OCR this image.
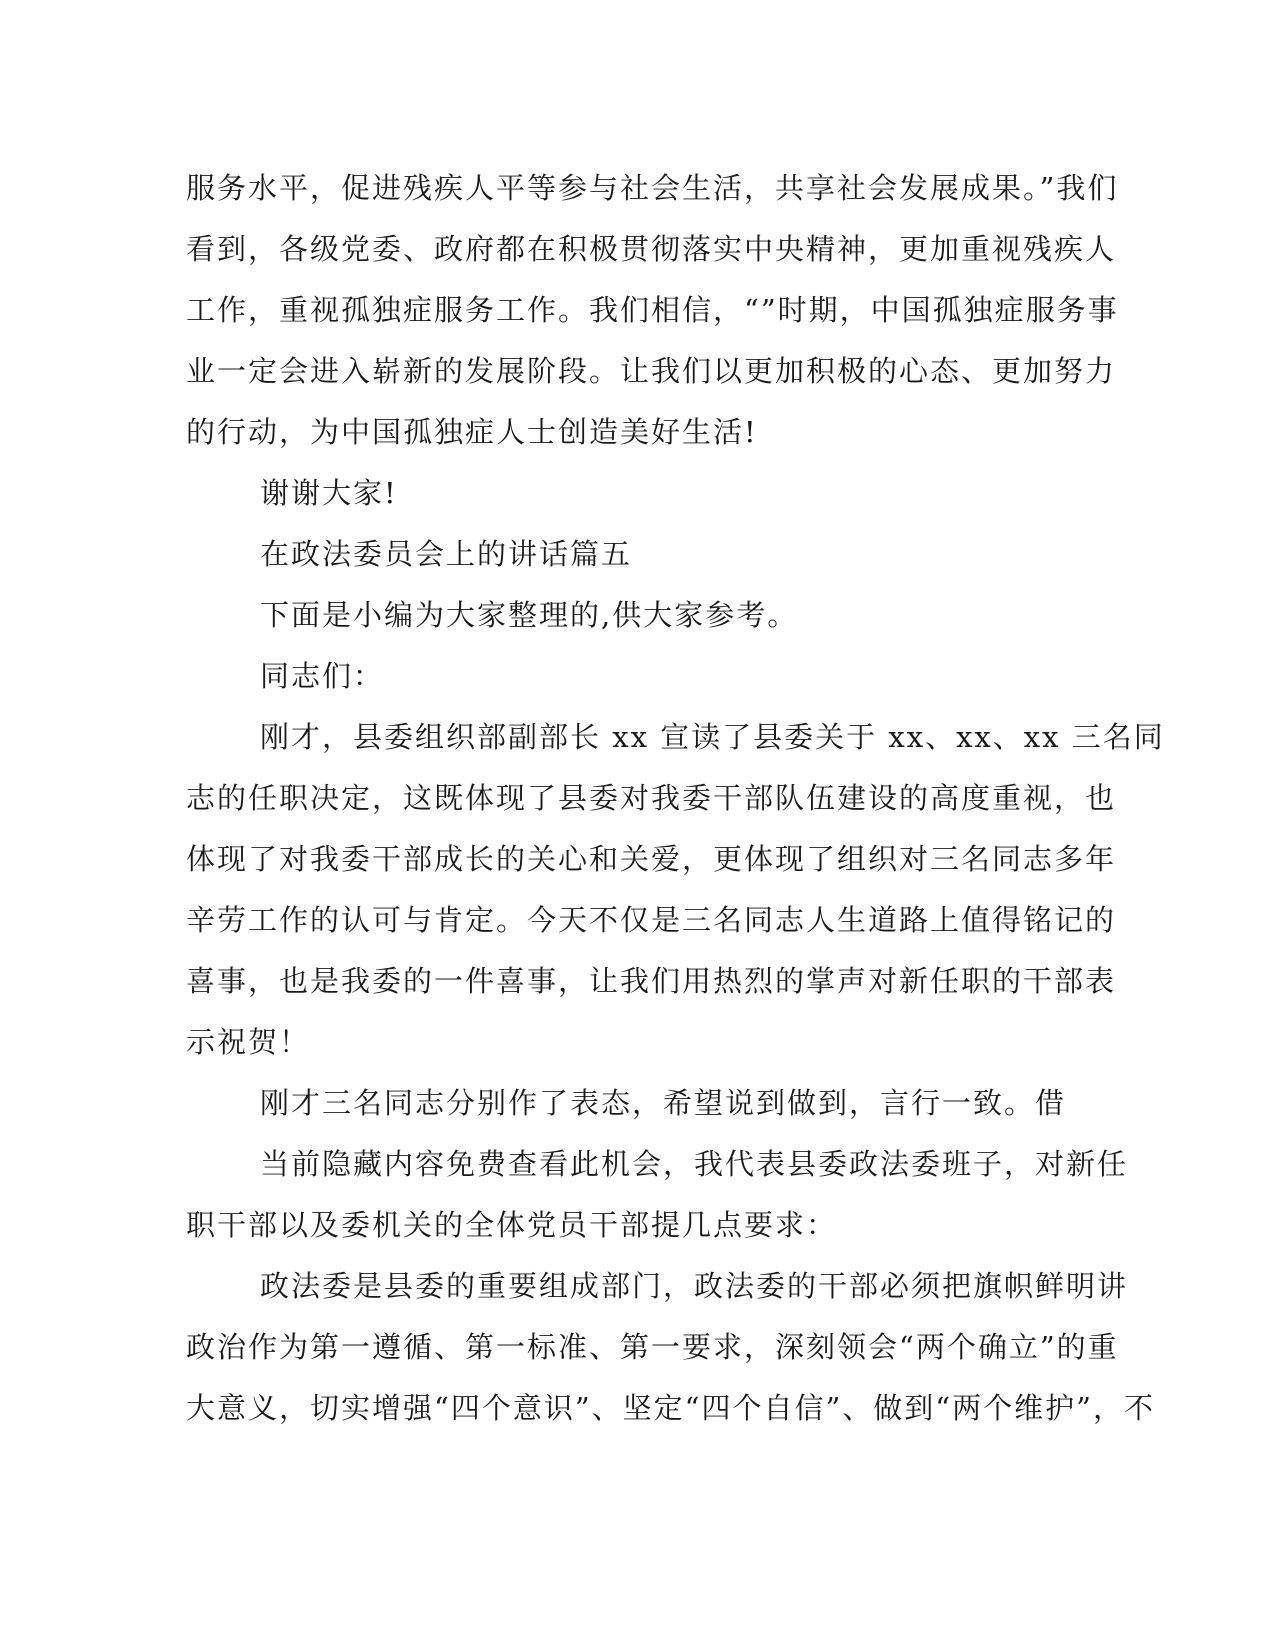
服务水平，促进残疾人平等参与社会生活，共享社会发展成果。”我们
看到，各级党委、政府都在积极贯彻落实中央精神，更加重视残疾人
工作，重视孤独症服务工作。我们相信，“”时期，中国孤独症服务事
业一定会进入崭新的发展阶段。让我们以更加积极的心态、更加努力
的行动，为中国孤独症人士创造美好生活!
谢谢大家!
在政法委员会上的讲话篇五
下面是小编为大家整理的,供大家参考。
同志们：
刚才，县委组织部副部长 xx 宣读了县委关于 xx、xx、xx 三名同
志的任职决定，这既体现了县委对我委干部队伍建设的高度重视，也
体现了对我委干部成长的关心和关爱，更体现了组织对三名同志多年
辛劳工作的认可与肯定。今天不仅是三名同志人生道路上值得铭记的
喜事，也是我委的一件喜事，让我们用热烈的掌声对新任职的干部表
示祝贺！
刚才三名同志分别作了表态，希望说到做到，言行一致。借
当前隐藏内容免费查看此机会，我代表县委政法委班子，对新任
职干部以及委机关的全体党员干部提几点要求：
政法委是县委的重要组成部门，政法委的干部必须把旗帜鲜明讲
政治作为第一遵循、第一标准、第一要求，深刻领会“两个确立”的重
大意义，切实增强“四个意识”、坚定“四个自信”、做到“两个维护”，不
